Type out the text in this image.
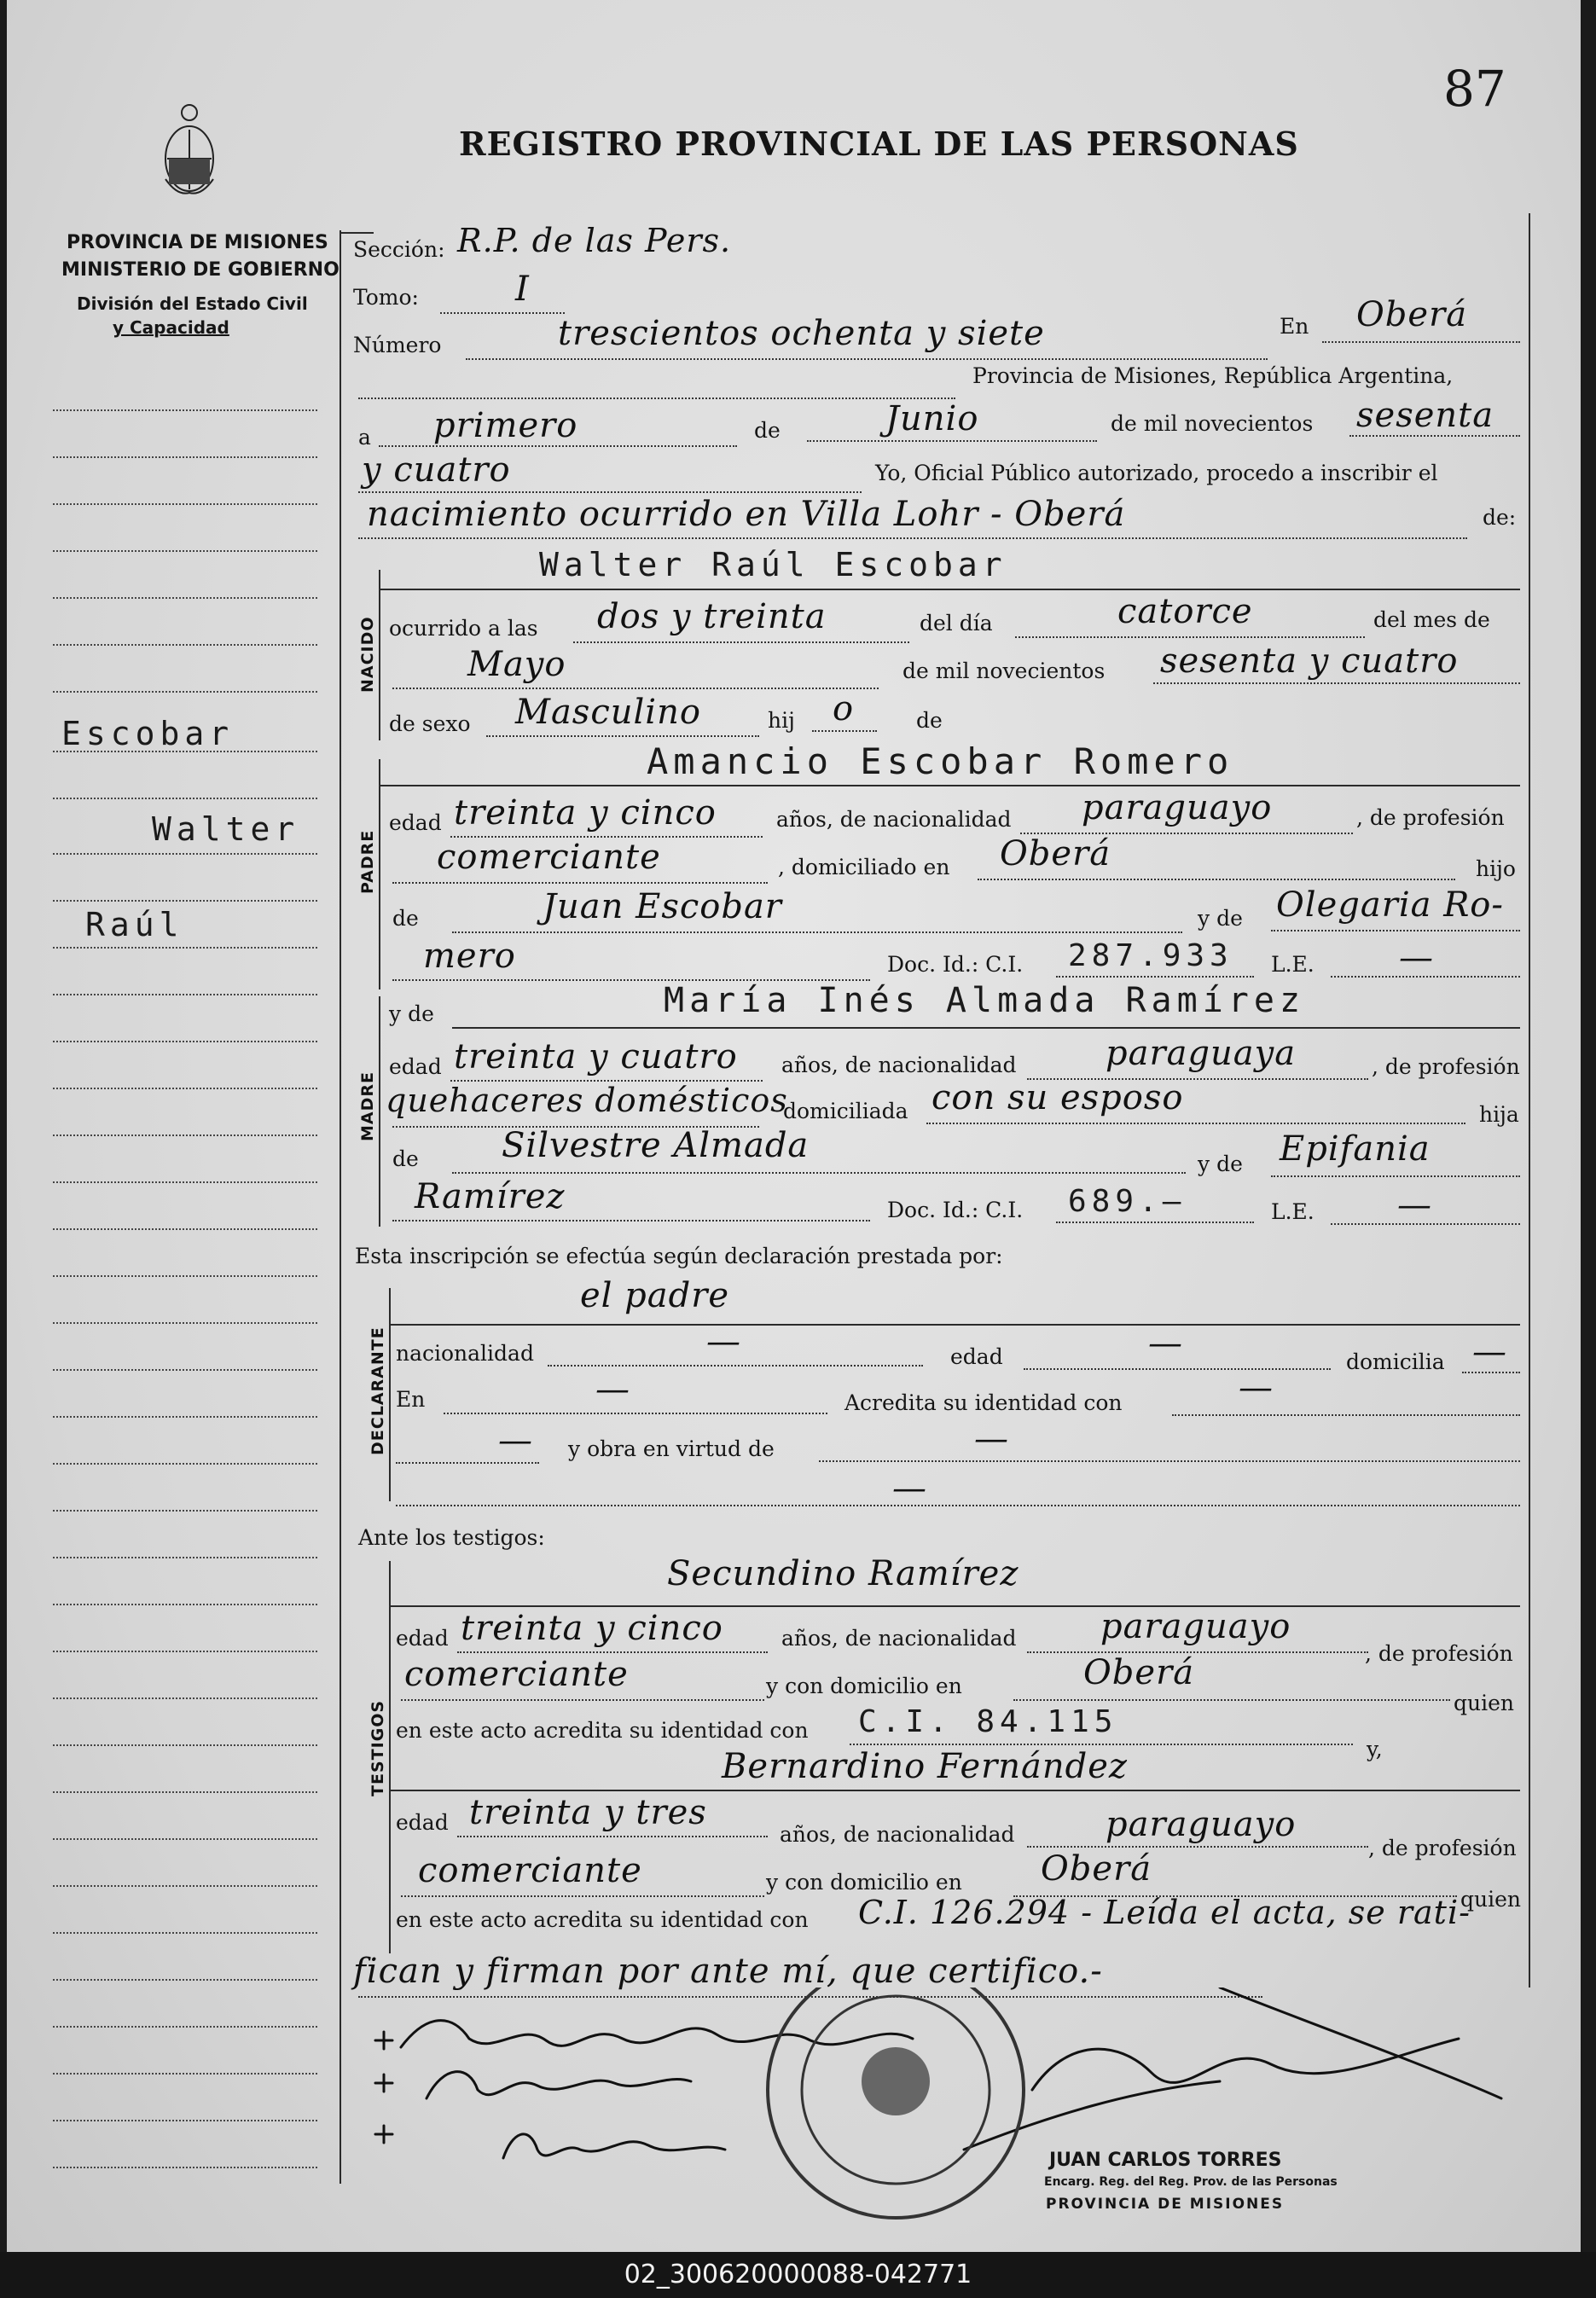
PROVINCIA DE MISIONES
MINISTERIO DE GOBIERNO
División del Estado Civil
y Capacidad
REGISTRO PROVINCIAL DE LAS PERSONAS
87
Escobar
Walter
Raúl
Sección: R.P. de las Pers.
Tomo:	I
Número	trescientos ochenta y siete	En Oberá
Provincia de Misiones, República Argentina,
a primero	de	Junio	de mil novecientos sesenta
y cuatro	Yo, Oficial Público autorizado, procedo a inscribir el
nacimiento ocurrido en Villa Lohr - Oberá	de:
NACIDO
Walter Raúl Escobar
ocurrido a las dos y treinta	del día	catorce	del mes de
Mayo	de mil novecientos sesenta y cuatro
de sexo Masculino	hij o	de
PADRE
Amancio Escobar Romero
edad treinta y cinco	años, de nacionalidad paraguayo	, de profesión
comerciante	, domiciliado en Oberá	hijo
de	Juan Escobar	y de Olegaria Ro-
mero	Doc. Id.: C.I. 287.933 L.E. —
MADRE
y de	María Inés Almada Ramírez
edad treinta y cuatro años, de nacionalidad	paraguaya	, de profesión
quehaceres domésticos
domiciliada con su esposo	hija
de Silvestre Almada	y de Epifania
Ramírez	Doc. Id.: C.I. 689.—	L.E. —
Esta inscripción se efectúa según declaración prestada por:
DECLARANTE
el padre
nacionalidad	—	edad	—	domicilia —
En	—	Acredita su identidad con	—
— y obra en virtud de	—
—
Ante los testigos:
TESTIGOS
Secundino Ramírez
edad treinta y cinco	años, de nacionalidad paraguayo
, de profesión
comerciante	y con domicilio en	Oberá
quien
en este acto acredita su identidad con C.I. 84.115
y,
Bernardino Fernández
edad treinta y tres
años, de nacionalidad	paraguayo
, de profesión
comerciante	y con domicilio en Oberá
quien
en este acto acredita su identidad con C.I. 126.294 - Leída el acta, se rati-
fican y firman por ante mí, que certifico.-
JUAN CARLOS TORRES
Encarg. Reg. del Reg. Prov. de las Personas
PROVINCIA DE MISIONES
02_300620000088-042771
